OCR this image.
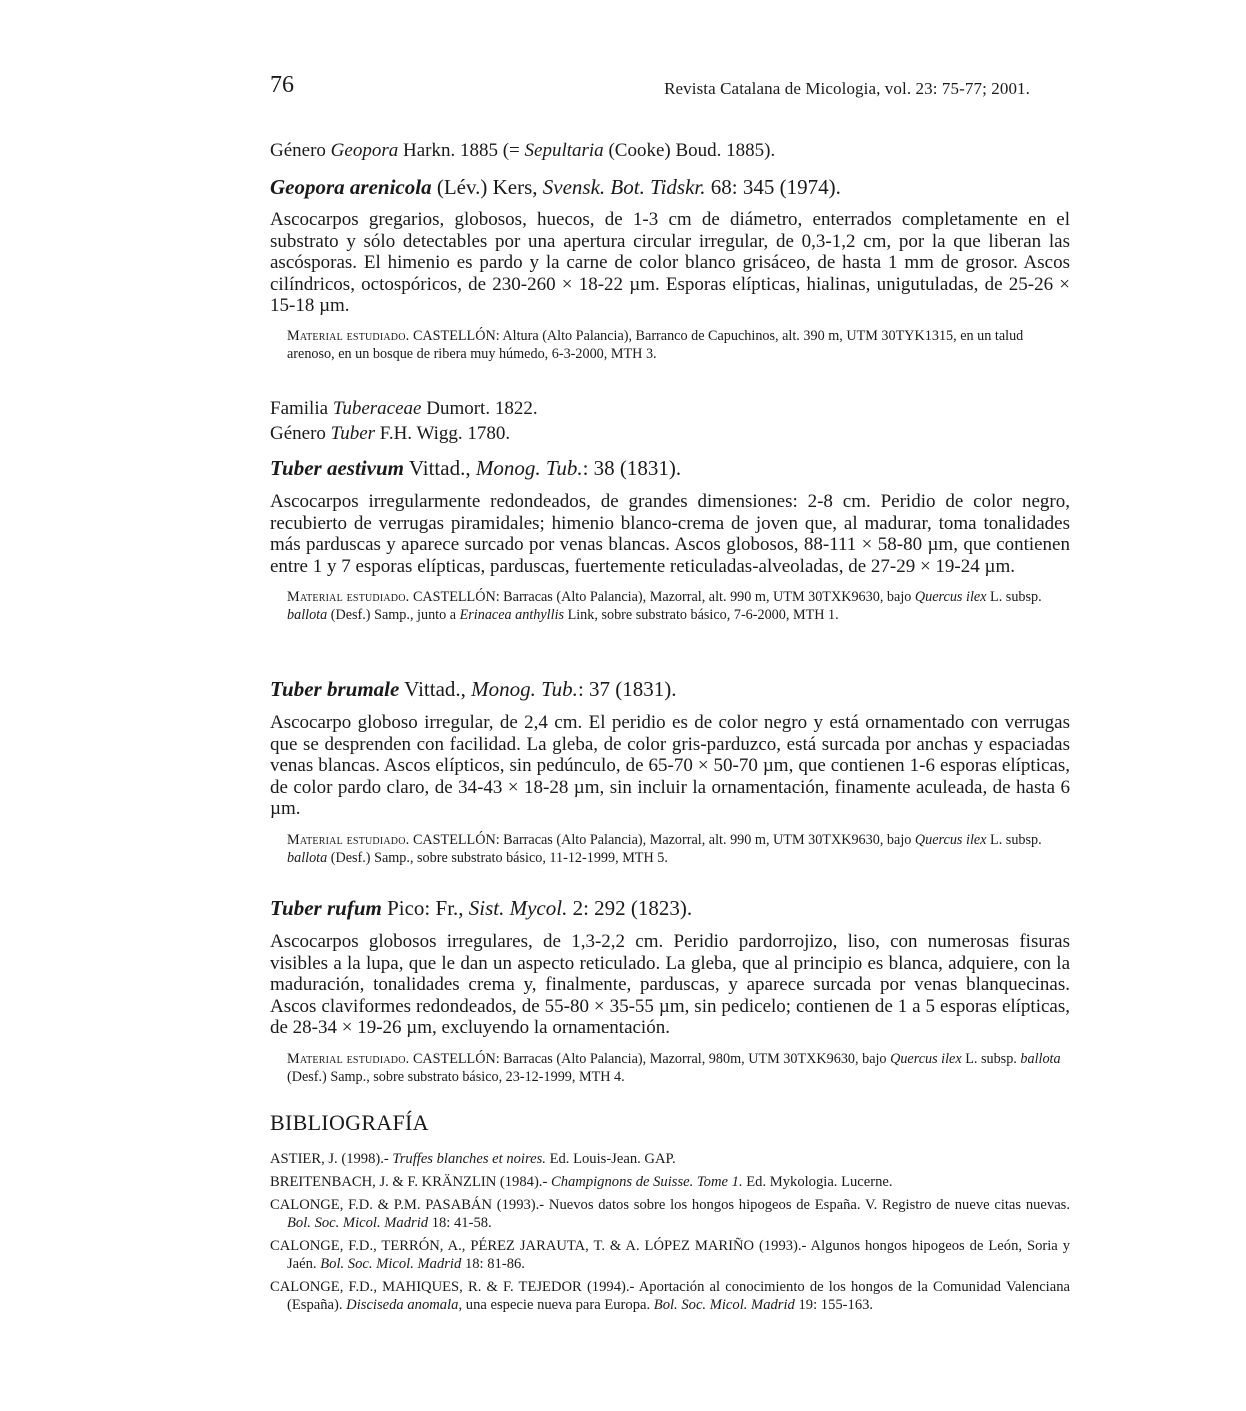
76	Revista Catalana de Micologia, vol. 23: 75-77; 2001.
Género Geopora Harkn. 1885 (= Sepultaria (Cooke) Boud. 1885).
Geopora arenicola (Lév.) Kers, Svensk. Bot. Tidskr. 68: 345 (1974).

Ascocarpos gregarios, globosos, huecos, de 1-3 cm de diámetro, enterrados completamente en el substrato y sólo detectables por una apertura circular irregular, de 0,3-1,2 cm, por la que liberan las ascósporas. El himenio es pardo y la carne de color blanco grisáceo, de hasta 1 mm de grosor. Ascos cilíndricos, octospóricos, de 230-260 × 18-22 µm. Esporas elípticas, hialinas, unigutuladas, de 25-26 × 15-18 µm.

Material estudiado. CASTELLÓN: Altura (Alto Palancia), Barranco de Capuchinos, alt. 390 m, UTM 30TYK1315, en un talud arenoso, en un bosque de ribera muy húmedo, 6-3-2000, MTH 3.

Familia Tuberaceae Dumort. 1822.
Género Tuber F.H. Wigg. 1780.
Tuber aestivum Vittad., Monog. Tub.: 38 (1831).

Ascocarpos irregularmente redondeados, de grandes dimensiones: 2-8 cm. Peridio de color negro, recubierto de verrugas piramidales; himenio blanco-crema de joven que, al madurar, toma tonalidades más parduscas y aparece surcado por venas blancas. Ascos globosos, 88-111 × 58-80 µm, que contienen entre 1 y 7 esporas elípticas, parduscas, fuertemente reticuladas-alveoladas, de 27-29 × 19-24 µm.

Material estudiado. CASTELLÓN: Barracas (Alto Palancia), Mazorral, alt. 990 m, UTM 30TXK9630, bajo Quercus ilex L. subsp. ballota (Desf.) Samp., junto a Erinacea anthyllis Link, sobre substrato básico, 7-6-2000, MTH 1.

Tuber brumale Vittad., Monog. Tub.: 37 (1831).

Ascocarpo globoso irregular, de 2,4 cm. El peridio es de color negro y está ornamentado con verrugas que se desprenden con facilidad. La gleba, de color gris-parduzco, está surcada por anchas y espaciadas venas blancas. Ascos elípticos, sin pedúnculo, de 65-70 × 50-70 µm, que contienen 1-6 esporas elípticas, de color pardo claro, de 34-43 × 18-28 µm, sin incluir la ornamentación, finamente aculeada, de hasta 6 µm.

Material estudiado. CASTELLÓN: Barracas (Alto Palancia), Mazorral, alt. 990 m, UTM 30TXK9630, bajo Quercus ilex L. subsp. ballota (Desf.) Samp., sobre substrato básico, 11-12-1999, MTH 5.

Tuber rufum Pico: Fr., Sist. Mycol. 2: 292 (1823).

Ascocarpos globosos irregulares, de 1,3-2,2 cm. Peridio pardorrojizo, liso, con numerosas fisuras visibles a la lupa, que le dan un aspecto reticulado. La gleba, que al principio es blanca, adquiere, con la maduración, tonalidades crema y, finalmente, parduscas, y aparece surcada por venas blanquecinas. Ascos claviformes redondeados, de 55-80 × 35-55 µm, sin pedicelo; contienen de 1 a 5 esporas elípticas, de 28-34 × 19-26 µm, excluyendo la ornamentación.

Material estudiado. CASTELLÓN: Barracas (Alto Palancia), Mazorral, 980m, UTM 30TXK9630, bajo Quercus ilex L. subsp. ballota (Desf.) Samp., sobre substrato básico, 23-12-1999, MTH 4.

BIBLIOGRAFÍA

ASTIER, J. (1998).- Truffes blanches et noires. Ed. Louis-Jean. GAP.

BREITENBACH, J. & F. KRÄNZLIN (1984).- Champignons de Suisse. Tome 1. Ed. Mykologia. Lucerne.

CALONGE, F.D. & P.M. PASABÁN (1993).- Nuevos datos sobre los hongos hipogeos de España. V. Registro de nueve citas nuevas. Bol. Soc. Micol. Madrid 18: 41-58.

CALONGE, F.D., TERRÓN, A., PÉREZ JARAUTA, T. & A. LÓPEZ MARIÑO (1993).- Algunos hongos hipogeos de León, Soria y Jaén. Bol. Soc. Micol. Madrid 18: 81-86.

CALONGE, F.D., MAHIQUES, R. & F. TEJEDOR (1994).- Aportación al conocimiento de los hongos de la Comunidad Valenciana (España). Disciseda anomala, una especie nueva para Europa. Bol. Soc. Micol. Madrid 19: 155-163.
